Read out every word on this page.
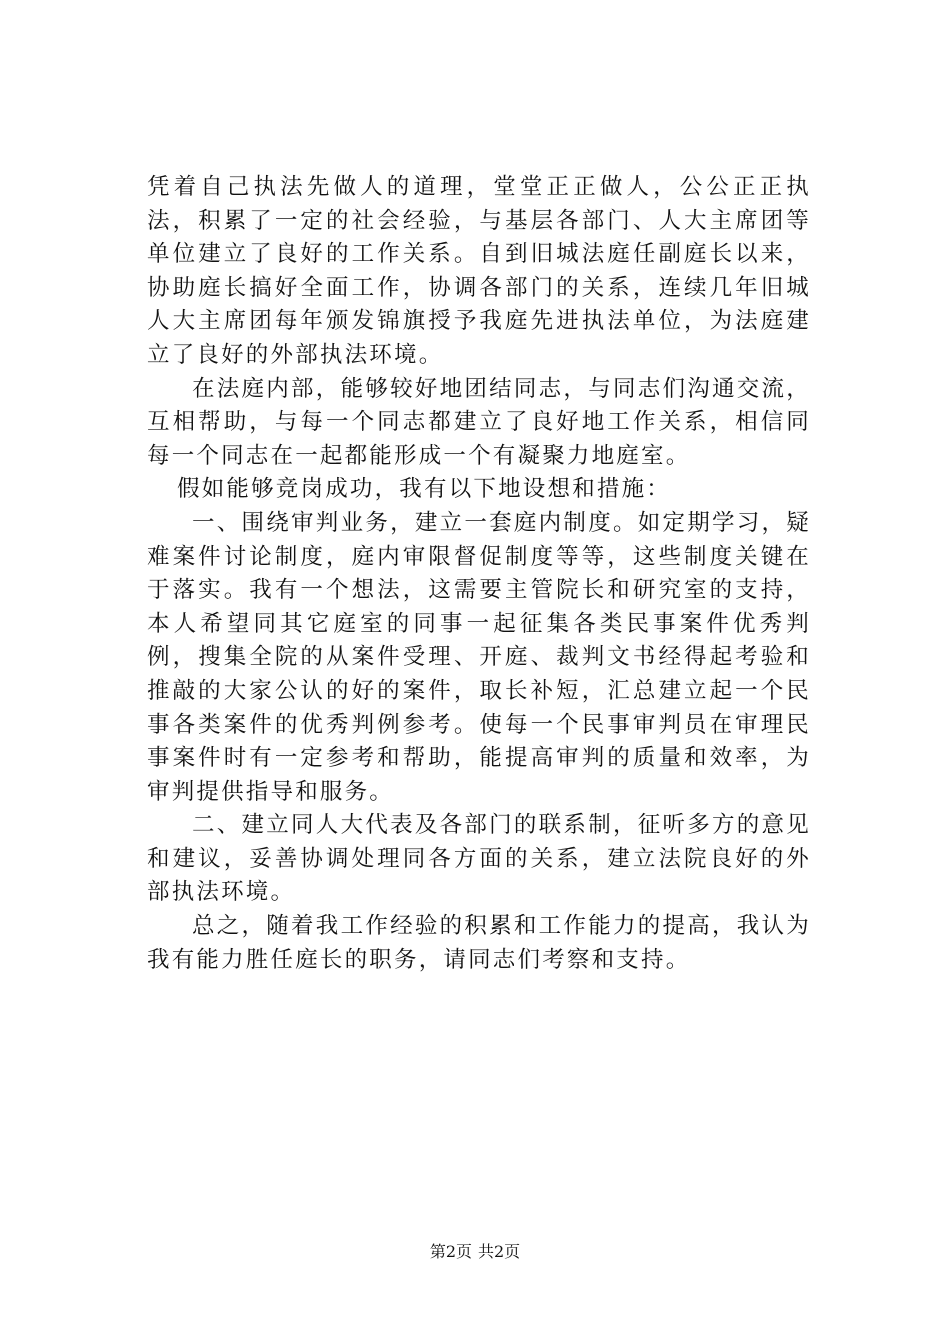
凭着自己执法先做人的道理，堂堂正正做人，公公正正执法，积累了一定的社会经验，与基层各部门、人大主席团等单位建立了良好的工作关系。自到旧城法庭任副庭长以来，协助庭长搞好全面工作，协调各部门的关系，连续几年旧城人大主席团每年颁发锦旗授予我庭先进执法单位，为法庭建立了良好的外部执法环境。

在法庭内部，能够较好地团结同志，与同志们沟通交流，互相帮助，与每一个同志都建立了良好地工作关系，相信同每一个同志在一起都能形成一个有凝聚力地庭室。

假如能够竞岗成功，我有以下地设想和措施：

一、围绕审判业务，建立一套庭内制度。如定期学习，疑难案件讨论制度，庭内审限督促制度等等，这些制度关键在于落实。我有一个想法，这需要主管院长和研究室的支持，本人希望同其它庭室的同事一起征集各类民事案件优秀判例，搜集全院的从案件受理、开庭、裁判文书经得起考验和推敲的大家公认的好的案件，取长补短，汇总建立起一个民事各类案件的优秀判例参考。使每一个民事审判员在审理民事案件时有一定参考和帮助，能提高审判的质量和效率，为审判提供指导和服务。

二、建立同人大代表及各部门的联系制，征听多方的意见和建议，妥善协调处理同各方面的关系，建立法院良好的外部执法环境。

总之，随着我工作经验的积累和工作能力的提高，我认为我有能力胜任庭长的职务，请同志们考察和支持。

第2页 共2页
